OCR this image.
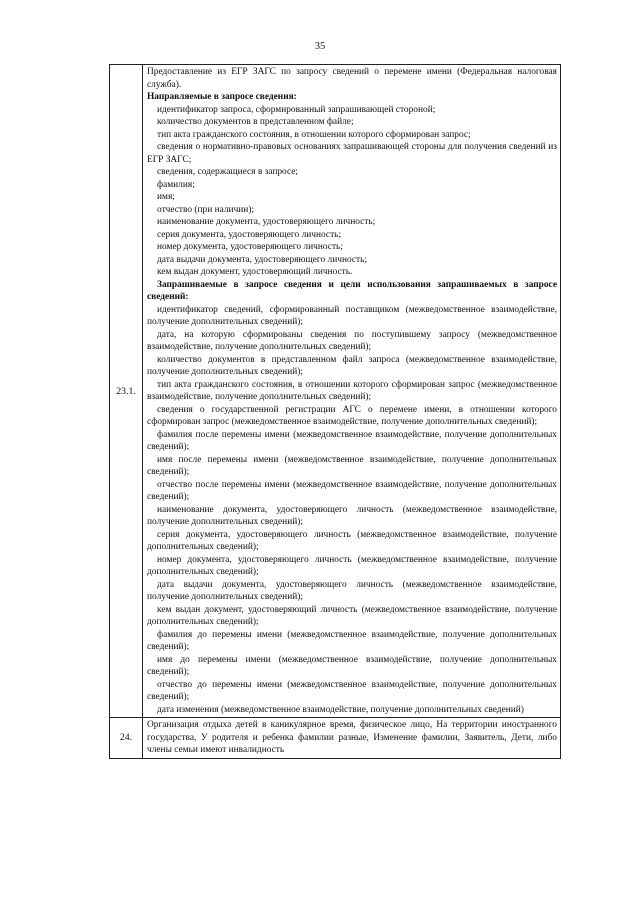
35
23.1.

Предоставление из ЕГР ЗАГС по запросу сведений о перемене имени (Федеральная налоговая служба).

Направляемые в запросе сведения:

идентификатор запроса, сформированный запрашивающей стороной;

количество документов в представленном файле;

тип акта гражданского состояния, в отношении которого сформирован запрос;

сведения о нормативно-правовых основаниях запрашивающей стороны для получения сведений из ЕГР ЗАГС;

сведения, содержащиеся в запросе;

фамилия;

имя;

отчество (при наличии);

наименование документа, удостоверяющего личность;

серия документа, удостоверяющего личность;

номер документа, удостоверяющего личность;

дата выдачи документа, удостоверяющего личность;

кем выдан документ, удостоверяющий личность.

Запрашиваемые в запросе сведения и цели использования запрашиваемых в запросе сведений:

идентификатор сведений, сформированный поставщиком (межведомственное взаимодействие, получение дополнительных сведений);

дата, на которую сформированы сведения по поступившему запросу (межведомственное взаимодействие, получение дополнительных сведений);

количество документов в представленном файл запроса (межведомственное взаимодействие, получение дополнительных сведений);

тип акта гражданского состояния, в отношении которого сформирован запрос (межведомственное взаимодействие, получение дополнительных сведений);

сведения о государственной регистрации АГС о перемене имени, в отношении которого сформирован запрос (межведомственное взаимодействие, получение дополнительных сведений);

фамилия после перемены имени (межведомственное взаимодействие, получение дополнительных сведений);

имя после перемены имени (межведомственное взаимодействие, получение дополнительных сведений);

отчество после перемены имени (межведомственное взаимодействие, получение дополнительных сведений);

наименование документа, удостоверяющего личность (межведомственное взаимодействие, получение дополнительных сведений);

серия документа, удостоверяющего личность (межведомственное взаимодействие, получение дополнительных сведений);

номер документа, удостоверяющего личность (межведомственное взаимодействие, получение дополнительных сведений);

дата выдачи документа, удостоверяющего личность (межведомственное взаимодействие, получение дополнительных сведений);

кем выдан документ, удостоверяющий личность (межведомственное взаимодействие, получение дополнительных сведений);

фамилия до перемены имени (межведомственное взаимодействие, получение дополнительных сведений);

имя до перемены имени (межведомственное взаимодействие, получение дополнительных сведений);

отчество до перемены имени (межведомственное взаимодействие, получение дополнительных сведений);

дата изменения (межведомственное взаимодействие, получение дополнительных сведений)

24.

Организация отдыха детей в каникулярное время, физическое лицо, На территории иностранного государства, У родителя и ребенка фамилии разные, Изменение фамилии, Заявитель, Дети, либо члены семьи имеют инвалидность
